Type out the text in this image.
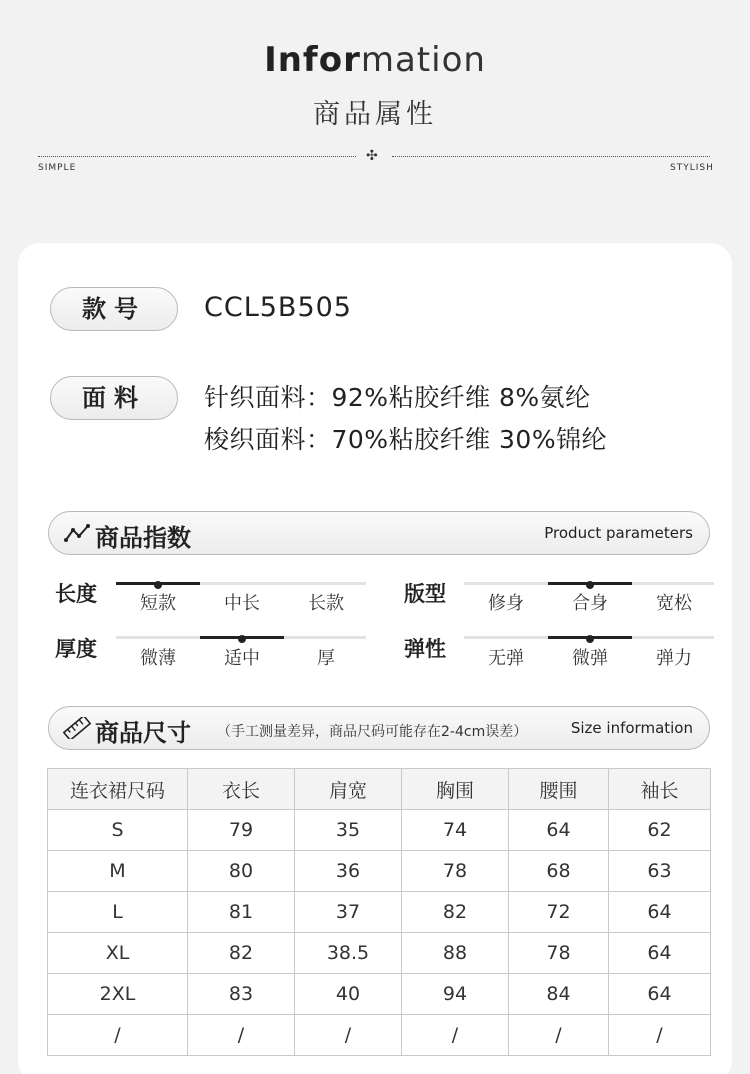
Information
商品属性
✣
SIMPLE	STYLISH
款号	CCL5B505
面料	针织面料：92%粘胶纤维 8%氨纶
梭织面料：70%粘胶纤维 30%锦纶
商品指数	Product parameters
长度	短款	中长	长款	版型	修身	合身	宽松
厚度	微薄	适中	厚	弹性	无弹	微弹	弹力
商品尺寸 （手工测量差异，商品尺码可能存在2-4cm误差）	Size information
连衣裙尺码	衣长	肩宽	胸围	腰围	袖长
S	79	35	74	64	62
M	80	36	78	68	63
L	81	37	82	72	64
XL	82	38.5	88	78	64
2XL	83	40	94	84	64
/	/	/	/	/	/
